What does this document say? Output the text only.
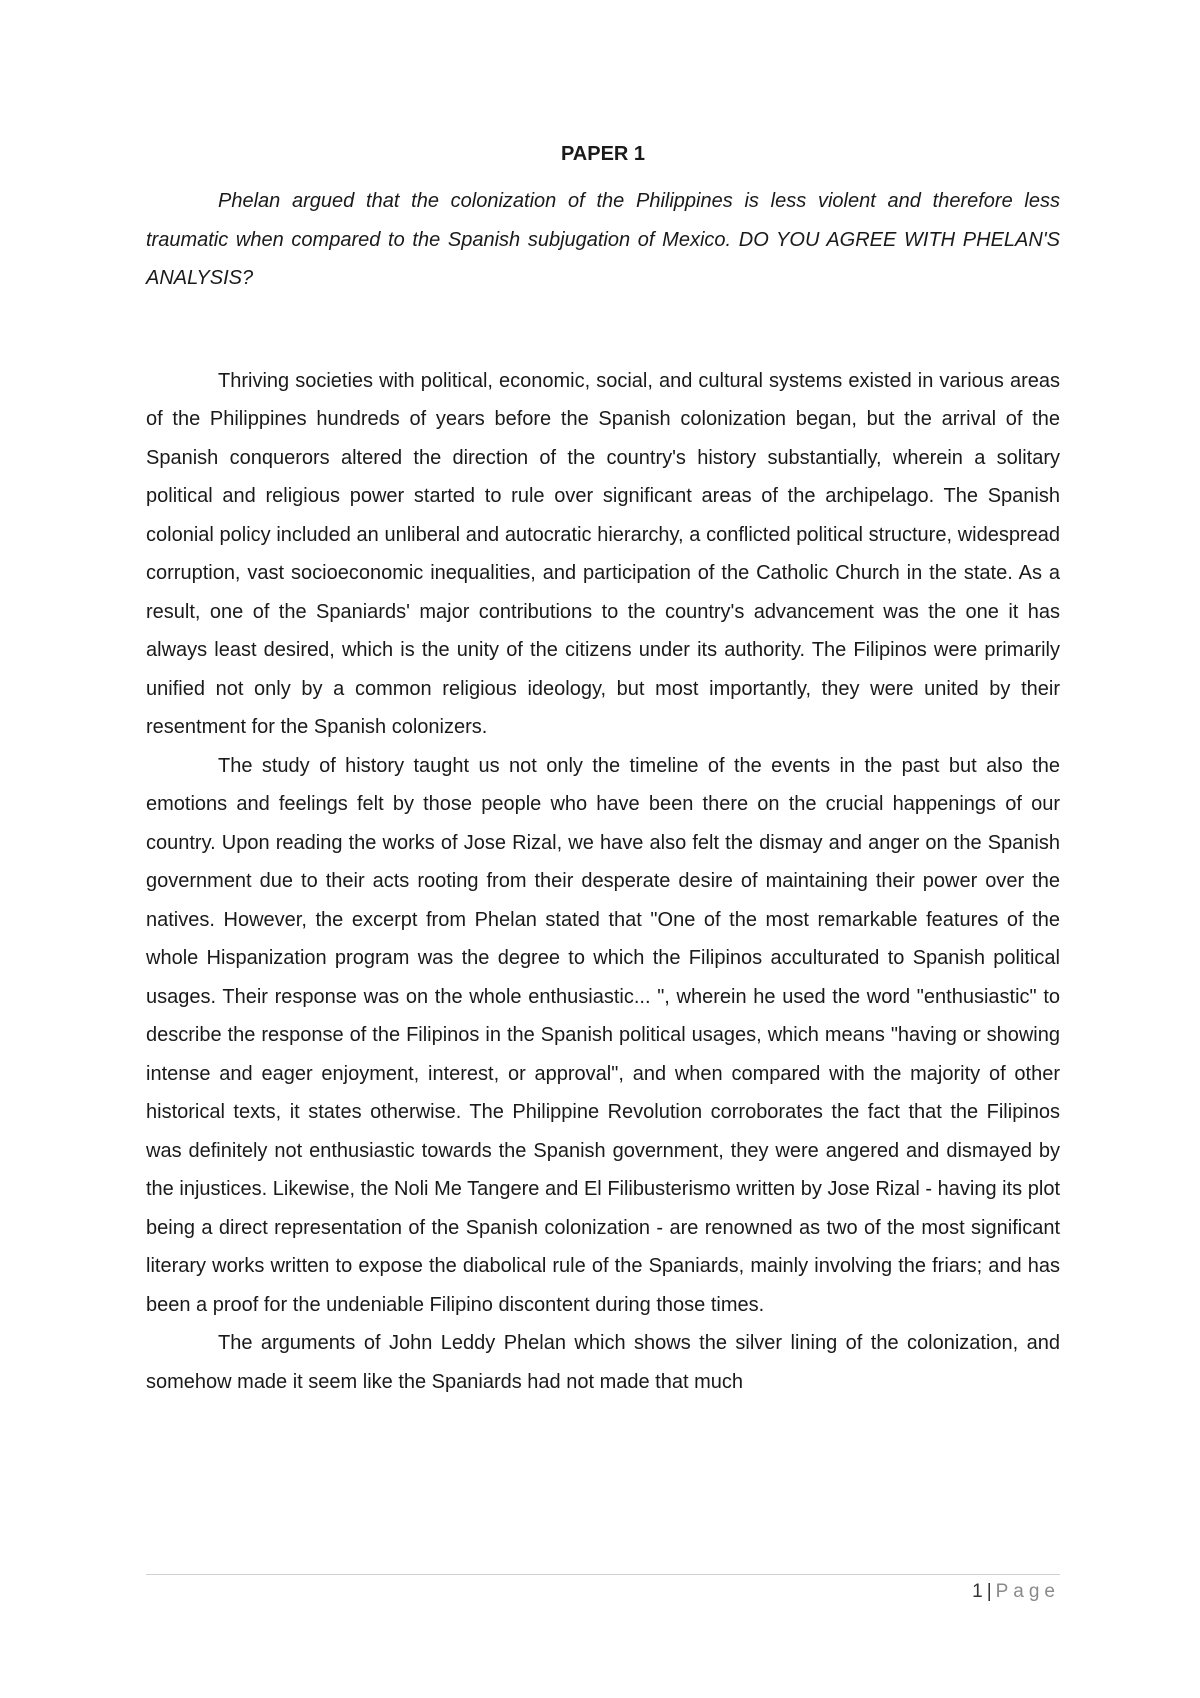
PAPER 1

Phelan argued that the colonization of the Philippines is less violent and therefore less traumatic when compared to the Spanish subjugation of Mexico. DO YOU AGREE WITH PHELAN'S ANALYSIS?

Thriving societies with political, economic, social, and cultural systems existed in various areas of the Philippines hundreds of years before the Spanish colonization began, but the arrival of the Spanish conquerors altered the direction of the country's history substantially, wherein a solitary political and religious power started to rule over significant areas of the archipelago. The Spanish colonial policy included an unliberal and autocratic hierarchy, a conflicted political structure, widespread corruption, vast socioeconomic inequalities, and participation of the Catholic Church in the state. As a result, one of the Spaniards' major contributions to the country's advancement was the one it has always least desired, which is the unity of the citizens under its authority. The Filipinos were primarily unified not only by a common religious ideology, but most importantly, they were united by their resentment for the Spanish colonizers.

The study of history taught us not only the timeline of the events in the past but also the emotions and feelings felt by those people who have been there on the crucial happenings of our country. Upon reading the works of Jose Rizal, we have also felt the dismay and anger on the Spanish government due to their acts rooting from their desperate desire of maintaining their power over the natives. However, the excerpt from Phelan stated that "One of the most remarkable features of the whole Hispanization program was the degree to which the Filipinos acculturated to Spanish political usages. Their response was on the whole enthusiastic... ", wherein he used the word "enthusiastic" to describe the response of the Filipinos in the Spanish political usages, which means "having or showing intense and eager enjoyment, interest, or approval", and when compared with the majority of other historical texts, it states otherwise. The Philippine Revolution corroborates the fact that the Filipinos was definitely not enthusiastic towards the Spanish government, they were angered and dismayed by the injustices. Likewise, the Noli Me Tangere and El Filibusterismo written by Jose Rizal - having its plot being a direct representation of the Spanish colonization - are renowned as two of the most significant literary works written to expose the diabolical rule of the Spaniards, mainly involving the friars; and has been a proof for the undeniable Filipino discontent during those times.

The arguments of John Leddy Phelan which shows the silver lining of the colonization, and somehow made it seem like the Spaniards had not made that much

1 | Page
